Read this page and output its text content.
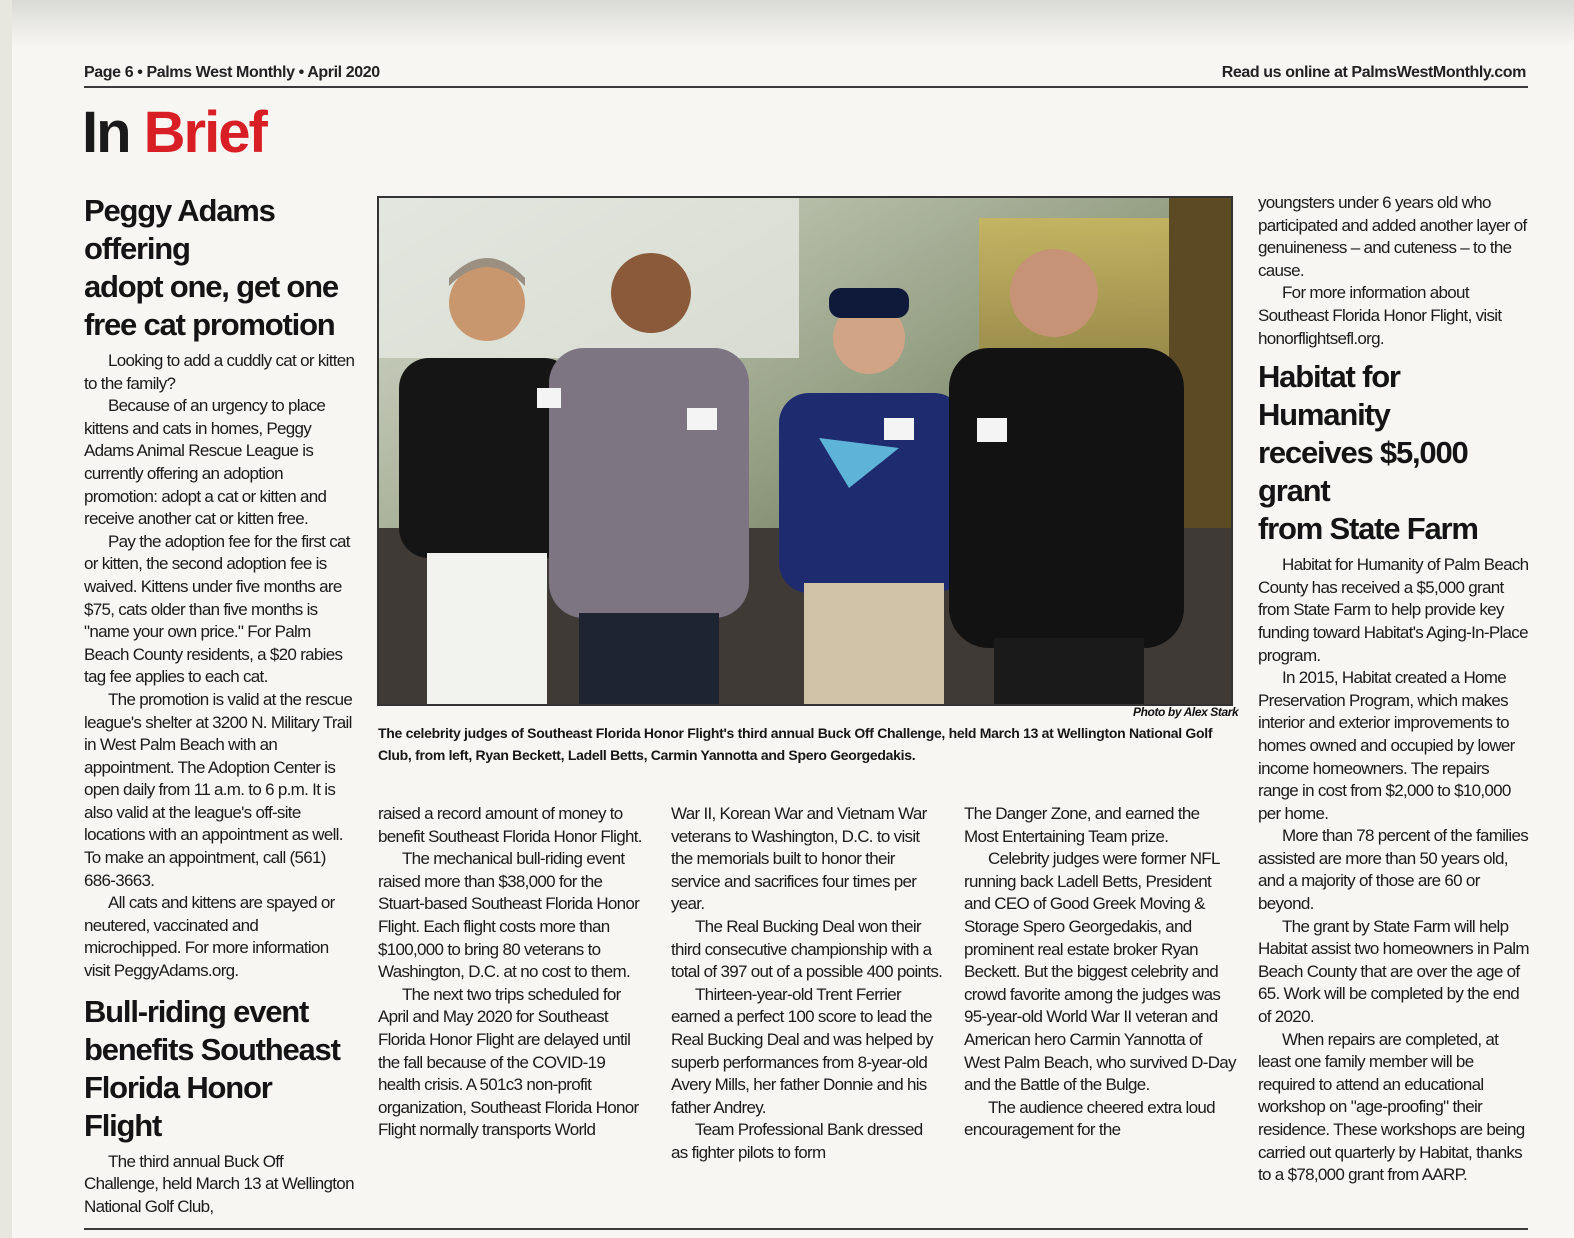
Page 6 • Palms West Monthly • April 2020	Read us online at PalmsWestMonthly.com
In Brief
Peggy Adams offering
adopt one, get one
free cat promotion

Looking to add a cuddly cat or kitten to the family?

Because of an urgency to place kittens and cats in homes, Peggy Adams Animal Rescue League is currently offering an adoption promotion: adopt a cat or kitten and receive another cat or kitten free.

Pay the adoption fee for the first cat or kitten, the second adoption fee is waived. Kittens under five months are $75, cats older than five months is "name your own price." For Palm Beach County residents, a $20 rabies tag fee applies to each cat.

The promotion is valid at the rescue league's shelter at 3200 N. Military Trail in West Palm Beach with an appointment. The Adoption Center is open daily from 11 a.m. to 6 p.m. It is also valid at the league's off-site locations with an appointment as well. To make an appointment, call (561) 686-3663.

All cats and kittens are spayed or neutered, vaccinated and microchipped. For more information visit PeggyAdams.org.

Bull-riding event
benefits Southeast
Florida Honor Flight

The third annual Buck Off Challenge, held March 13 at Wellington National Golf Club,

Photo by Alex Stark
The celebrity judges of Southeast Florida Honor Flight's third annual Buck Off Challenge, held March 13 at Wellington National Golf Club, from left, Ryan Beckett, Ladell Betts, Carmin Yannotta and Spero Georgedakis.

raised a record amount of money to benefit Southeast Florida Honor Flight.

The mechanical bull-riding event raised more than $38,000 for the Stuart-based Southeast Florida Honor Flight. Each flight costs more than $100,000 to bring 80 veterans to Washington, D.C. at no cost to them.

The next two trips scheduled for April and May 2020 for Southeast Florida Honor Flight are delayed until the fall because of the COVID-19 health crisis. A 501c3 non-profit organization, Southeast Florida Honor Flight normally transports World

War II, Korean War and Vietnam War veterans to Washington, D.C. to visit the memorials built to honor their service and sacrifices four times per year.

The Real Bucking Deal won their third consecutive championship with a total of 397 out of a possible 400 points.

Thirteen-year-old Trent Ferrier earned a perfect 100 score to lead the Real Bucking Deal and was helped by superb performances from 8-year-old Avery Mills, her father Donnie and his father Andrey.

Team Professional Bank dressed as fighter pilots to form

The Danger Zone, and earned the Most Entertaining Team prize.

Celebrity judges were former NFL running back Ladell Betts, President and CEO of Good Greek Moving & Storage Spero Georgedakis, and prominent real estate broker Ryan Beckett. But the biggest celebrity and crowd favorite among the judges was 95-year-old World War II veteran and American hero Carmin Yannotta of West Palm Beach, who survived D-Day and the Battle of the Bulge.

The audience cheered extra loud encouragement for the

youngsters under 6 years old who participated and added another layer of genuineness – and cuteness – to the cause.

For more information about Southeast Florida Honor Flight, visit honorflightsefl.org.

Habitat for Humanity
receives $5,000 grant
from State Farm

Habitat for Humanity of Palm Beach County has received a $5,000 grant from State Farm to help provide key funding toward Habitat's Aging-In-Place program.

In 2015, Habitat created a Home Preservation Program, which makes interior and exterior improvements to homes owned and occupied by lower income homeowners. The repairs range in cost from $2,000 to $10,000 per home.

More than 78 percent of the families assisted are more than 50 years old, and a majority of those are 60 or beyond.

The grant by State Farm will help Habitat assist two homeowners in Palm Beach County that are over the age of 65. Work will be completed by the end of 2020.

When repairs are completed, at least one family member will be required to attend an educational workshop on "age-proofing" their residence. These workshops are being carried out quarterly by Habitat, thanks to a $78,000 grant from AARP.
